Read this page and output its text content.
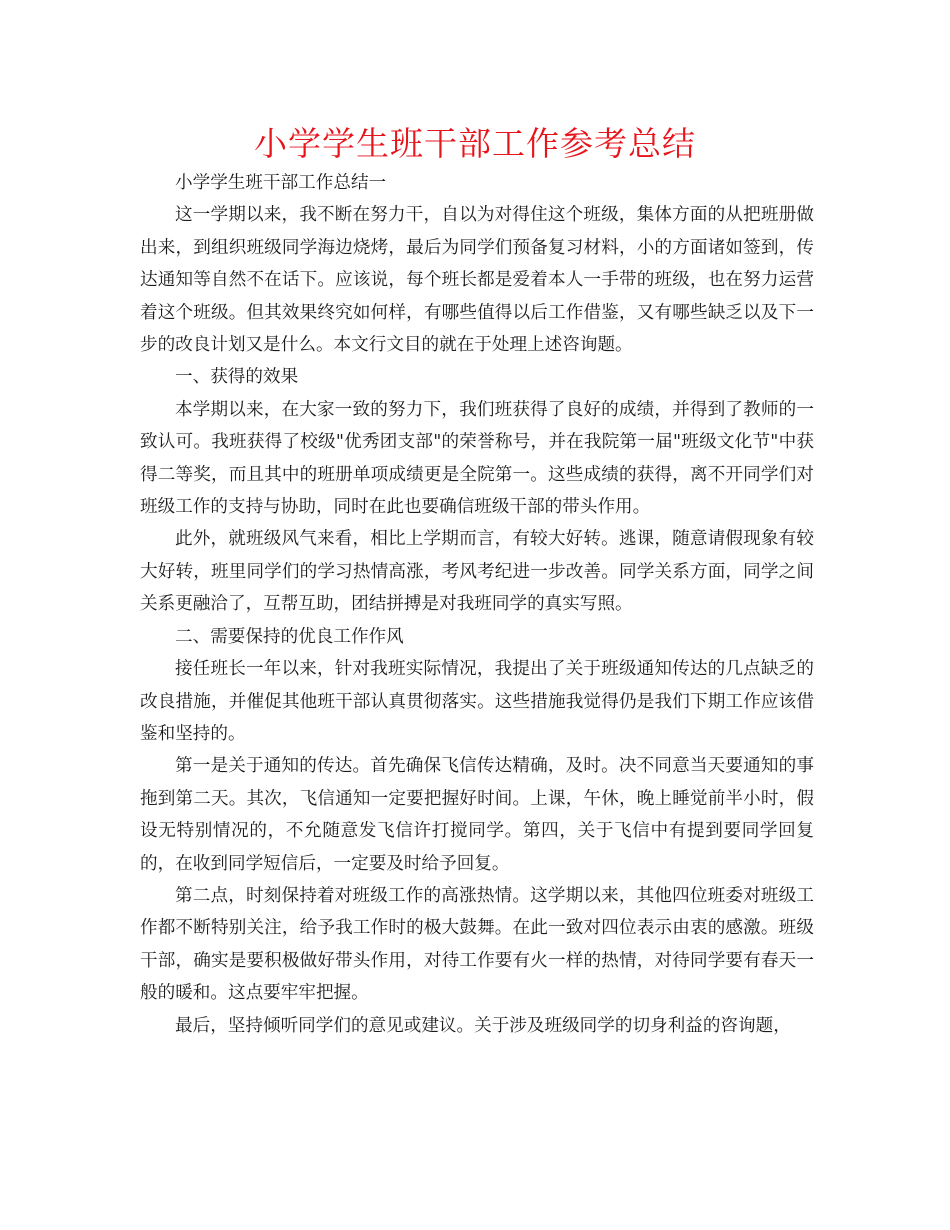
小学学生班干部工作参考总结

小学学生班干部工作总结一

这一学期以来，我不断在努力干，自以为对得住这个班级，集体方面的从把班册做出来，到组织班级同学海边烧烤，最后为同学们预备复习材料，小的方面诸如签到，传达通知等自然不在话下。应该说，每个班长都是爱着本人一手带的班级，也在努力运营着这个班级。但其效果终究如何样，有哪些值得以后工作借鉴，又有哪些缺乏以及下一步的改良计划又是什么。本文行文目的就在于处理上述咨询题。

一、获得的效果

本学期以来，在大家一致的努力下，我们班获得了良好的成绩，并得到了教师的一致认可。我班获得了校级"优秀团支部"的荣誉称号，并在我院第一届"班级文化节"中获得二等奖，而且其中的班册单项成绩更是全院第一。这些成绩的获得，离不开同学们对班级工作的支持与协助，同时在此也要确信班级干部的带头作用。

此外，就班级风气来看，相比上学期而言，有较大好转。逃课，随意请假现象有较大好转，班里同学们的学习热情高涨，考风考纪进一步改善。同学关系方面，同学之间关系更融洽了，互帮互助，团结拼搏是对我班同学的真实写照。

二、需要保持的优良工作作风

接任班长一年以来，针对我班实际情况，我提出了关于班级通知传达的几点缺乏的改良措施，并催促其他班干部认真贯彻落实。这些措施我觉得仍是我们下期工作应该借鉴和坚持的。

第一是关于通知的传达。首先确保飞信传达精确，及时。决不同意当天要通知的事拖到第二天。其次，飞信通知一定要把握好时间。上课，午休，晚上睡觉前半小时，假设无特别情况的，不允随意发飞信许打搅同学。第四，关于飞信中有提到要同学回复的，在收到同学短信后，一定要及时给予回复。

第二点，时刻保持着对班级工作的高涨热情。这学期以来，其他四位班委对班级工作都不断特别关注，给予我工作时的极大鼓舞。在此一致对四位表示由衷的感激。班级干部，确实是要积极做好带头作用，对待工作要有火一样的热情，对待同学要有春天一般的暖和。这点要牢牢把握。

最后，坚持倾听同学们的意见或建议。关于涉及班级同学的切身利益的咨询题，
